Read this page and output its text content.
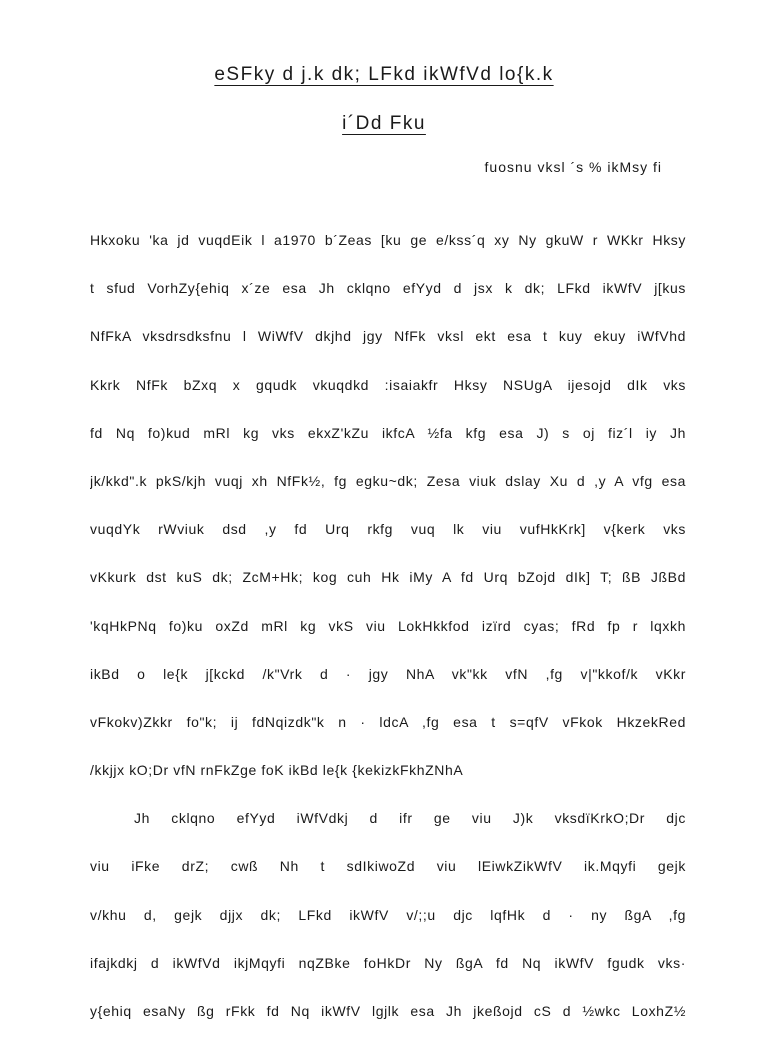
eSFky d j.k dk; LFkd ikWfVd lo{k.k
i´Dd Fku
fuosnu vksl ´s % ikMsy fi
Hkxoku 'ka jd vuqdEik l a1970 b´Zeas [ku ge e/kss´q xy Ny gkuW r WKkr Hksy
t sfud VorhZy{ehiq x´ze esa Jh cklqno efYyd d jsx k dk; LFkd ikWfV j[kus
NfFkA vksdrsdksfnu l WiWfV dkjhd jgy NfFk vksl ekt esa t kuy ekuy iWfVhd
Kkrk NfFk bZxq x gqudk vkuqdkd :isaiakfr Hksy NSUgA ijesojd dIk vks
fd Nq fo)kud mRl kg vks ekxZ'kZu ikfcA ½fa kfg esa J) s oj fiz´l iy Jh
jk/kkd".k pkS/kjh vuqj xh NfFk½, fg egku~dk; Zesa viuk dslay Xu d ,y A vfg esa
vuqdYk rWviuk dsd ,y fd Urq rkfg vuq lk viu vufHkKrk] v{kerk vks
vKkurk dst kuS dk; ZcM+Hk; kog cuh Hk iMy A fd Urq bZojd dIk] T; ßB JßBd
'kqHkPNq fo)ku oxZd mRl kg vkS viu LokHkkfod izïrd cyas; fRd fp r lqxkh
ikBd o le{k j[kckd /k"Vrk d · jgy NhA vk"kk vfN ,fg v|"kkof/k vKkr
vFkokv)Zkkr fo"k; ij fdNqizdk"k n · ldcA ,fg esa t s=qfV vFkok HkzekRed
/kkjjx kO;Dr vfN rnFkZge foK ikBd le{k {kekizkFkhZNhA
Jh cklqno efYyd iWfVdkj d ifr ge viu J)k vksdïKrkO;Dr djc
viu iFke drZ; cwß Nh t sdIkiwoZd viu lEiwkZikWfV ik.Mqyfi gejk
v/khu d, gejk djjx dk; LFkd ikWfV v/;;u djc lqfHk d · ny ßgA ,fg
ifajkdkj d ikWfVd ikjMqyfi nqZBke foHkDr Ny ßgA fd Nq ikWfV fgudk vks·
y{ehiq esaNy ßg rFkk fd Nq ikWfV lgjlk esa Jh jkeßojd cS d ½wkc LoxhZ½
